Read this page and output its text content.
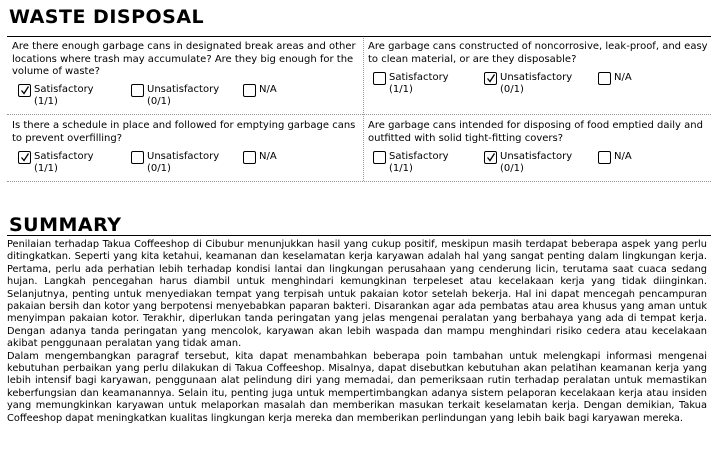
WASTE DISPOSAL

Are there enough garbage cans in designated break areas and other locations where trash may accumulate? Are they big enough for the volume of waste?

Satisfactory
(1/1)
Unsatisfactory
(0/1)
N/A

Are garbage cans constructed of noncorrosive, leak-proof, and easy to clean material, or are they disposable?

Satisfactory
(1/1)
Unsatisfactory
(0/1)
N/A

Is there a schedule in place and followed for emptying garbage cans to prevent overfilling?

Satisfactory
(1/1)
Unsatisfactory
(0/1)
N/A

Are garbage cans intended for disposing of food emptied daily and outfitted with solid tight-fitting covers?

Satisfactory
(1/1)
Unsatisfactory
(0/1)
N/A
SUMMARY

Penilaian terhadap Takua Coffeeshop di Cibubur menunjukkan hasil yang cukup positif, meskipun masih terdapat beberapa aspek yang perlu ditingkatkan. Seperti yang kita ketahui, keamanan dan keselamatan kerja karyawan adalah hal yang sangat penting dalam lingkungan kerja. Pertama, perlu ada perhatian lebih terhadap kondisi lantai dan lingkungan perusahaan yang cenderung licin, terutama saat cuaca sedang hujan. Langkah pencegahan harus diambil untuk menghindari kemungkinan terpeleset atau kecelakaan kerja yang tidak diinginkan. Selanjutnya, penting untuk menyediakan tempat yang terpisah untuk pakaian kotor setelah bekerja. Hal ini dapat mencegah pencampuran pakaian bersih dan kotor yang berpotensi menyebabkan paparan bakteri. Disarankan agar ada pembatas atau area khusus yang aman untuk menyimpan pakaian kotor. Terakhir, diperlukan tanda peringatan yang jelas mengenai peralatan yang berbahaya yang ada di tempat kerja. Dengan adanya tanda peringatan yang mencolok, karyawan akan lebih waspada dan mampu menghindari risiko cedera atau kecelakaan akibat penggunaan peralatan yang tidak aman.

Dalam mengembangkan paragraf tersebut, kita dapat menambahkan beberapa poin tambahan untuk melengkapi informasi mengenai kebutuhan perbaikan yang perlu dilakukan di Takua Coffeeshop. Misalnya, dapat disebutkan kebutuhan akan pelatihan keamanan kerja yang lebih intensif bagi karyawan, penggunaan alat pelindung diri yang memadai, dan pemeriksaan rutin terhadap peralatan untuk memastikan keberfungsian dan keamanannya. Selain itu, penting juga untuk mempertimbangkan adanya sistem pelaporan kecelakaan kerja atau insiden yang memungkinkan karyawan untuk melaporkan masalah dan memberikan masukan terkait keselamatan kerja. Dengan demikian, Takua Coffeeshop dapat meningkatkan kualitas lingkungan kerja mereka dan memberikan perlindungan yang lebih baik bagi karyawan mereka.
